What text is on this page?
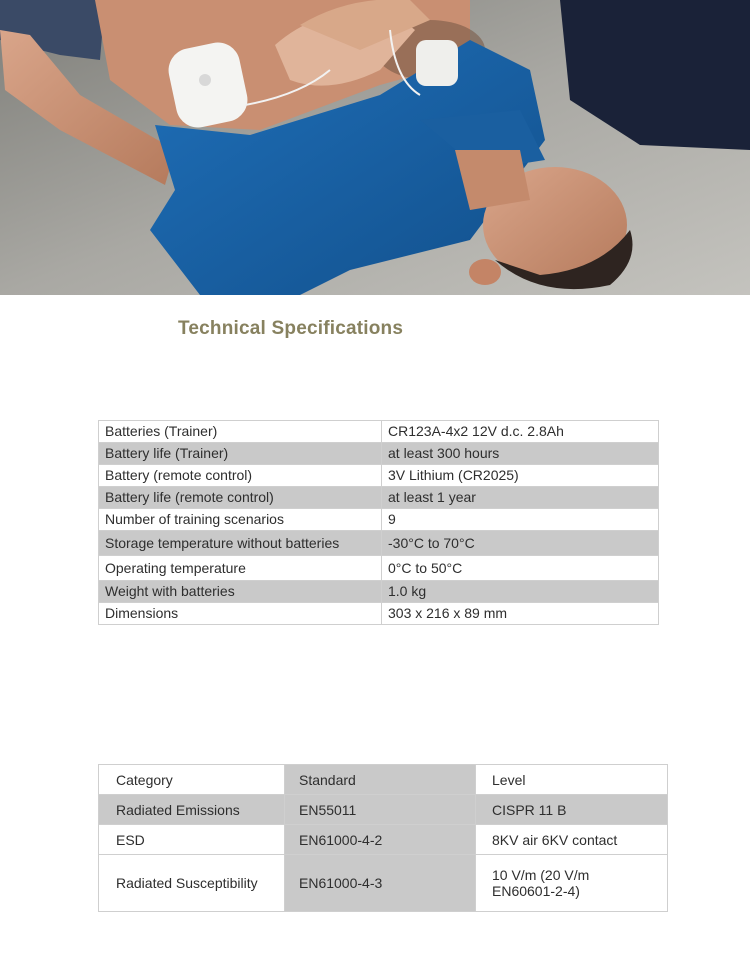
Technical Specifications
Batteries (Trainer)	CR123A-4x2 12V d.c. 2.8Ah
Battery life (Trainer)	at least 300 hours
Battery (remote control)	3V Lithium (CR2025)
Battery life (remote control)	at least 1 year
Number of training scenarios	9
Storage temperature without batteries	-30°C to 70°C
Operating temperature	0°C to 50°C
Weight with batteries	1.0 kg
Dimensions	303 x 216 x 89 mm
Category	Standard	Level
Radiated Emissions	EN55011	CISPR 11 B
ESD	EN61000-4-2	8KV air 6KV contact
Radiated Susceptibility	EN61000-4-3	10 V/m (20 V/m
EN60601-2-4)
